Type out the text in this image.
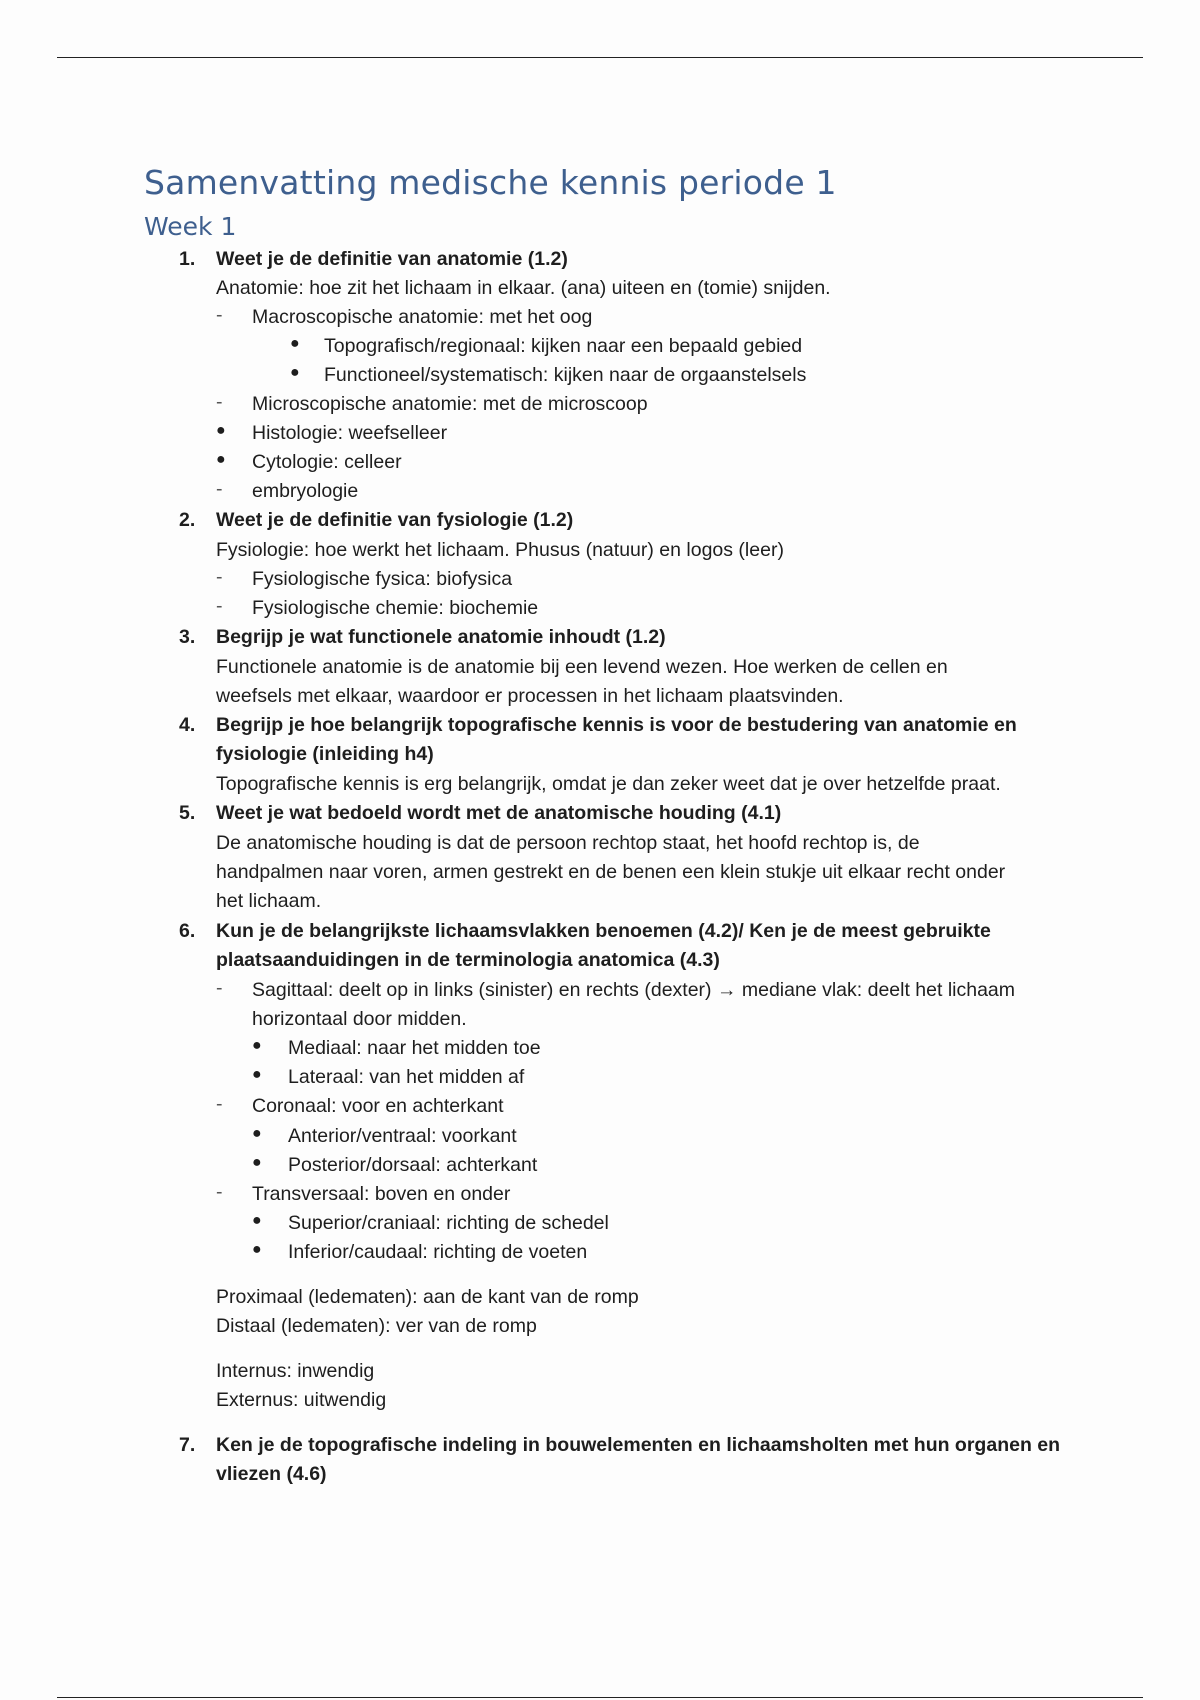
Samenvatting medische kennis periode 1
Week 1
1. Weet je de definitie van anatomie (1.2)
Anatomie: hoe zit het lichaam in elkaar. (ana) uiteen en (tomie) snijden.
- Macroscopische anatomie: met het oog
● Topografisch/regionaal: kijken naar een bepaald gebied
● Functioneel/systematisch: kijken naar de orgaanstelsels
- Microscopische anatomie: met de microscoop
● Histologie: weefselleer
● Cytologie: celleer
- embryologie
2. Weet je de definitie van fysiologie (1.2)
Fysiologie: hoe werkt het lichaam. Phusus (natuur) en logos (leer)
- Fysiologische fysica: biofysica
- Fysiologische chemie: biochemie
3. Begrijp je wat functionele anatomie inhoudt (1.2)
Functionele anatomie is de anatomie bij een levend wezen. Hoe werken de cellen en
weefsels met elkaar, waardoor er processen in het lichaam plaatsvinden.
4. Begrijp je hoe belangrijk topografische kennis is voor de bestudering van anatomie en
fysiologie (inleiding h4)
Topografische kennis is erg belangrijk, omdat je dan zeker weet dat je over hetzelfde praat.
5. Weet je wat bedoeld wordt met de anatomische houding (4.1)
De anatomische houding is dat de persoon rechtop staat, het hoofd rechtop is, de
handpalmen naar voren, armen gestrekt en de benen een klein stukje uit elkaar recht onder
het lichaam.
6. Kun je de belangrijkste lichaamsvlakken benoemen (4.2)/ Ken je de meest gebruikte
plaatsaanduidingen in de terminologia anatomica (4.3)
- Sagittaal: deelt op in links (sinister) en rechts (dexter) → mediane vlak: deelt het lichaam
horizontaal door midden.
● Mediaal: naar het midden toe
● Lateraal: van het midden af
- Coronaal: voor en achterkant
● Anterior/ventraal: voorkant
● Posterior/dorsaal: achterkant
- Transversaal: boven en onder
● Superior/craniaal: richting de schedel
● Inferior/caudaal: richting de voeten
Proximaal (ledematen): aan de kant van de romp
Distaal (ledematen): ver van de romp
Internus: inwendig
Externus: uitwendig
7. Ken je de topografische indeling in bouwelementen en lichaamsholten met hun organen en
vliezen (4.6)
